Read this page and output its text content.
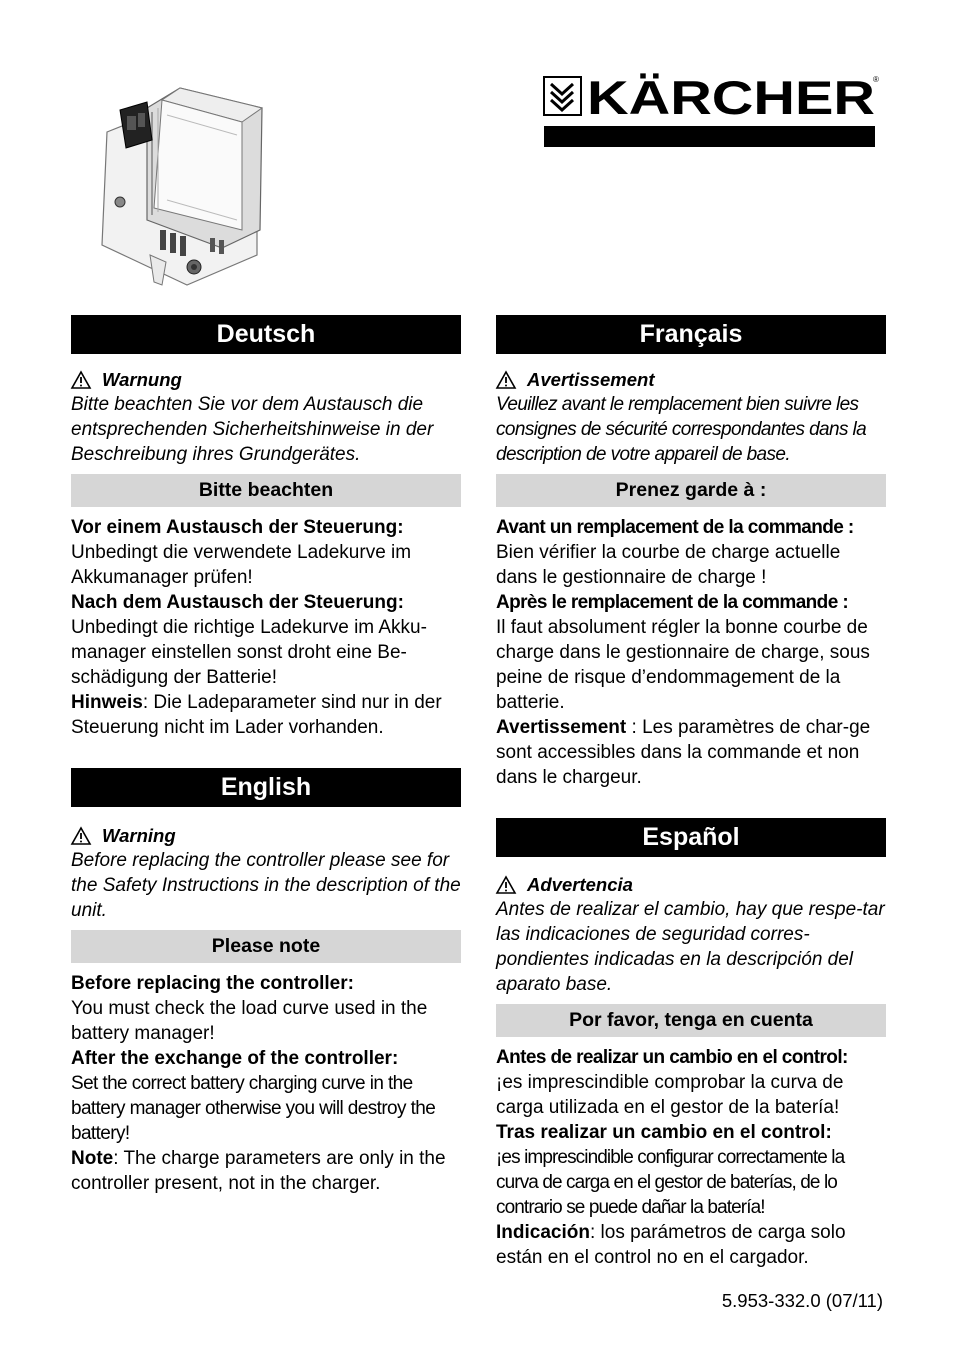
KÄRCHER
®
Deutsch
Warnung

Bitte beachten Sie vor dem Austausch die entsprechenden Sicherheitshinweise in der Beschreibung ihres Grundgerätes.

Bitte beachten

Vor einem Austausch der Steuerung:

Unbedingt die verwendete Ladekurve im Akkumanager prüfen!

Nach dem Austausch der Steuerung:

Unbedingt die richtige Ladekurve im Akku-manager einstellen sonst droht eine Be-schädigung der Batterie!

Hinweis: Die Ladeparameter sind nur in der Steuerung nicht im Lader vorhanden.

English
Warning

Before replacing the controller please see for the Safety Instructions in the description of the unit.

Please note

Before replacing the controller:

You must check the load curve used in the battery manager!

After the exchange of the controller:

Set the correct battery charging curve in the battery manager otherwise you will destroy the battery!

Note: The charge parameters are only in the controller present, not in the charger.

Français
Avertissement

Veuillez avant le remplacement bien suivre les consignes de sécurité correspondantes dans la description de votre appareil de base.

Prenez garde à :

Avant un remplacement de la commande :

Bien vérifier la courbe de charge actuelle dans le gestionnaire de charge !

Après le remplacement de la commande :

Il faut absolument régler la bonne courbe de charge dans le gestionnaire de charge, sous peine de risque d’endommagement de la batterie.

Avertissement : Les paramètres de char-ge sont accessibles dans la commande et non dans le chargeur.

Español
Advertencia

Antes de realizar el cambio, hay que respe-tar las indicaciones de seguridad corres-pondientes indicadas en la descripción del aparato base.

Por favor, tenga en cuenta

Antes de realizar un cambio en el control:

¡es imprescindible comprobar la curva de carga utilizada en el gestor de la batería!

Tras realizar un cambio en el control:

¡es imprescindible configurar correctamente la curva de carga en el gestor de baterías, de lo contrario se puede dañar la batería!

Indicación: los parámetros de carga solo están en el control no en el cargador.

5.953-332.0 (07/11)
